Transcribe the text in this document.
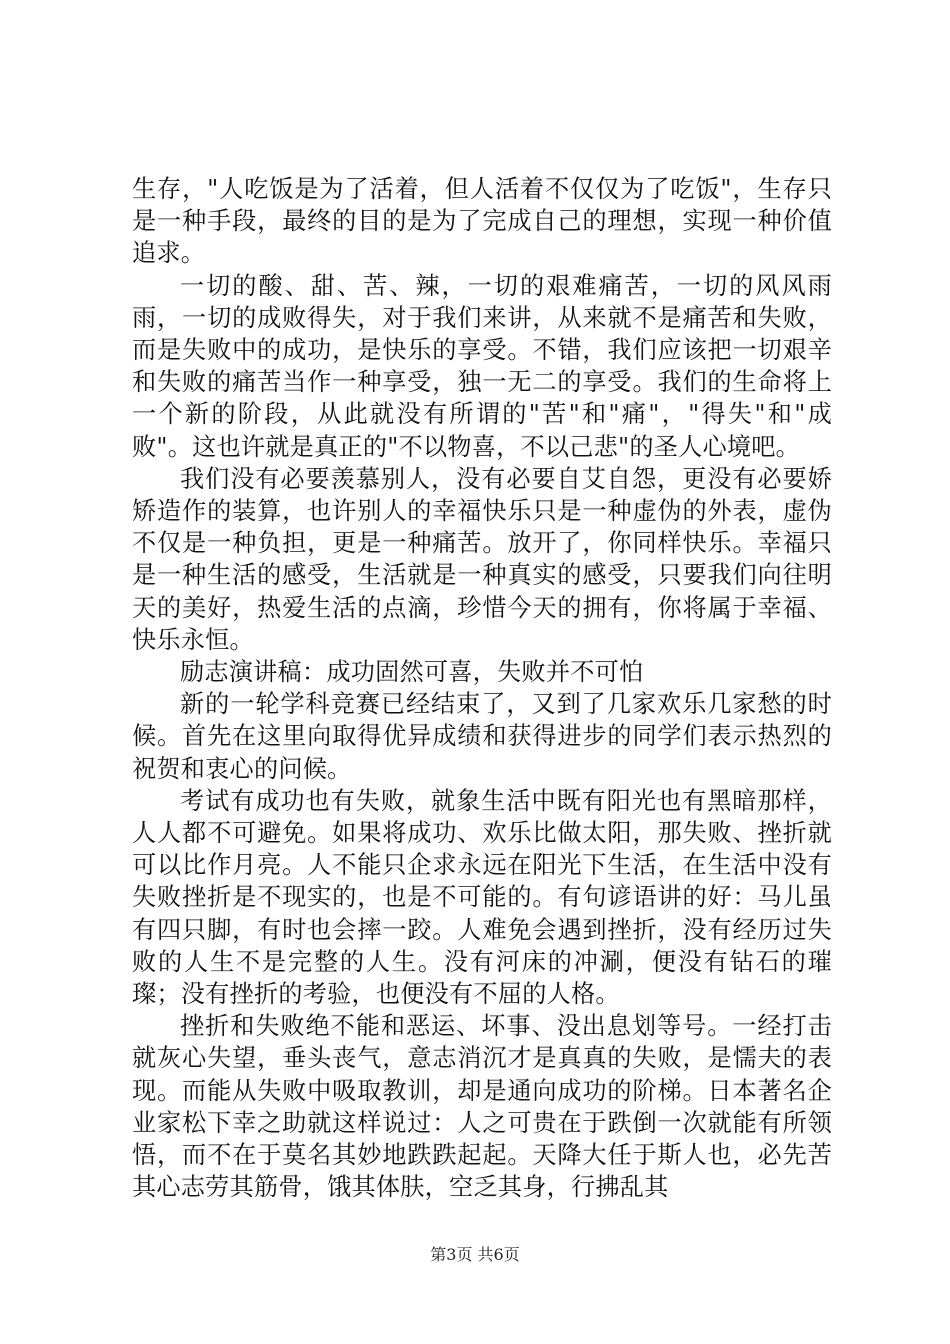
生存，"人吃饭是为了活着，但人活着不仅仅为了吃饭"，生存只是一种手段，最终的目的是为了完成自己的理想，实现一种价值追求。

一切的酸、甜、苦、辣，一切的艰难痛苦，一切的风风雨雨，一切的成败得失，对于我们来讲，从来就不是痛苦和失败，而是失败中的成功，是快乐的享受。不错，我们应该把一切艰辛和失败的痛苦当作一种享受，独一无二的享受。我们的生命将上一个新的阶段，从此就没有所谓的"苦"和"痛"，"得失"和"成败"。这也许就是真正的"不以物喜，不以己悲"的圣人心境吧。

我们没有必要羡慕别人，没有必要自艾自怨，更没有必要娇矫造作的装算，也许别人的幸福快乐只是一种虚伪的外表，虚伪不仅是一种负担，更是一种痛苦。放开了，你同样快乐。幸福只是一种生活的感受，生活就是一种真实的感受，只要我们向往明天的美好，热爱生活的点滴，珍惜今天的拥有，你将属于幸福、快乐永恒。

励志演讲稿：成功固然可喜，失败并不可怕

新的一轮学科竞赛已经结束了，又到了几家欢乐几家愁的时候。首先在这里向取得优异成绩和获得进步的同学们表示热烈的祝贺和衷心的问候。

考试有成功也有失败，就象生活中既有阳光也有黑暗那样，人人都不可避免。如果将成功、欢乐比做太阳，那失败、挫折就可以比作月亮。人不能只企求永远在阳光下生活，在生活中没有失败挫折是不现实的，也是不可能的。有句谚语讲的好：马儿虽有四只脚，有时也会摔一跤。人难免会遇到挫折，没有经历过失败的人生不是完整的人生。没有河床的冲涮，便没有钻石的璀璨；没有挫折的考验，也便没有不屈的人格。

挫折和失败绝不能和恶运、坏事、没出息划等号。一经打击就灰心失望，垂头丧气，意志消沉才是真真的失败，是懦夫的表现。而能从失败中吸取教训，却是通向成功的阶梯。日本著名企业家松下幸之助就这样说过：人之可贵在于跌倒一次就能有所领悟，而不在于莫名其妙地跌跌起起。天降大任于斯人也，必先苦其心志劳其筋骨，饿其体肤，空乏其身，行拂乱其

第3页 共6页
